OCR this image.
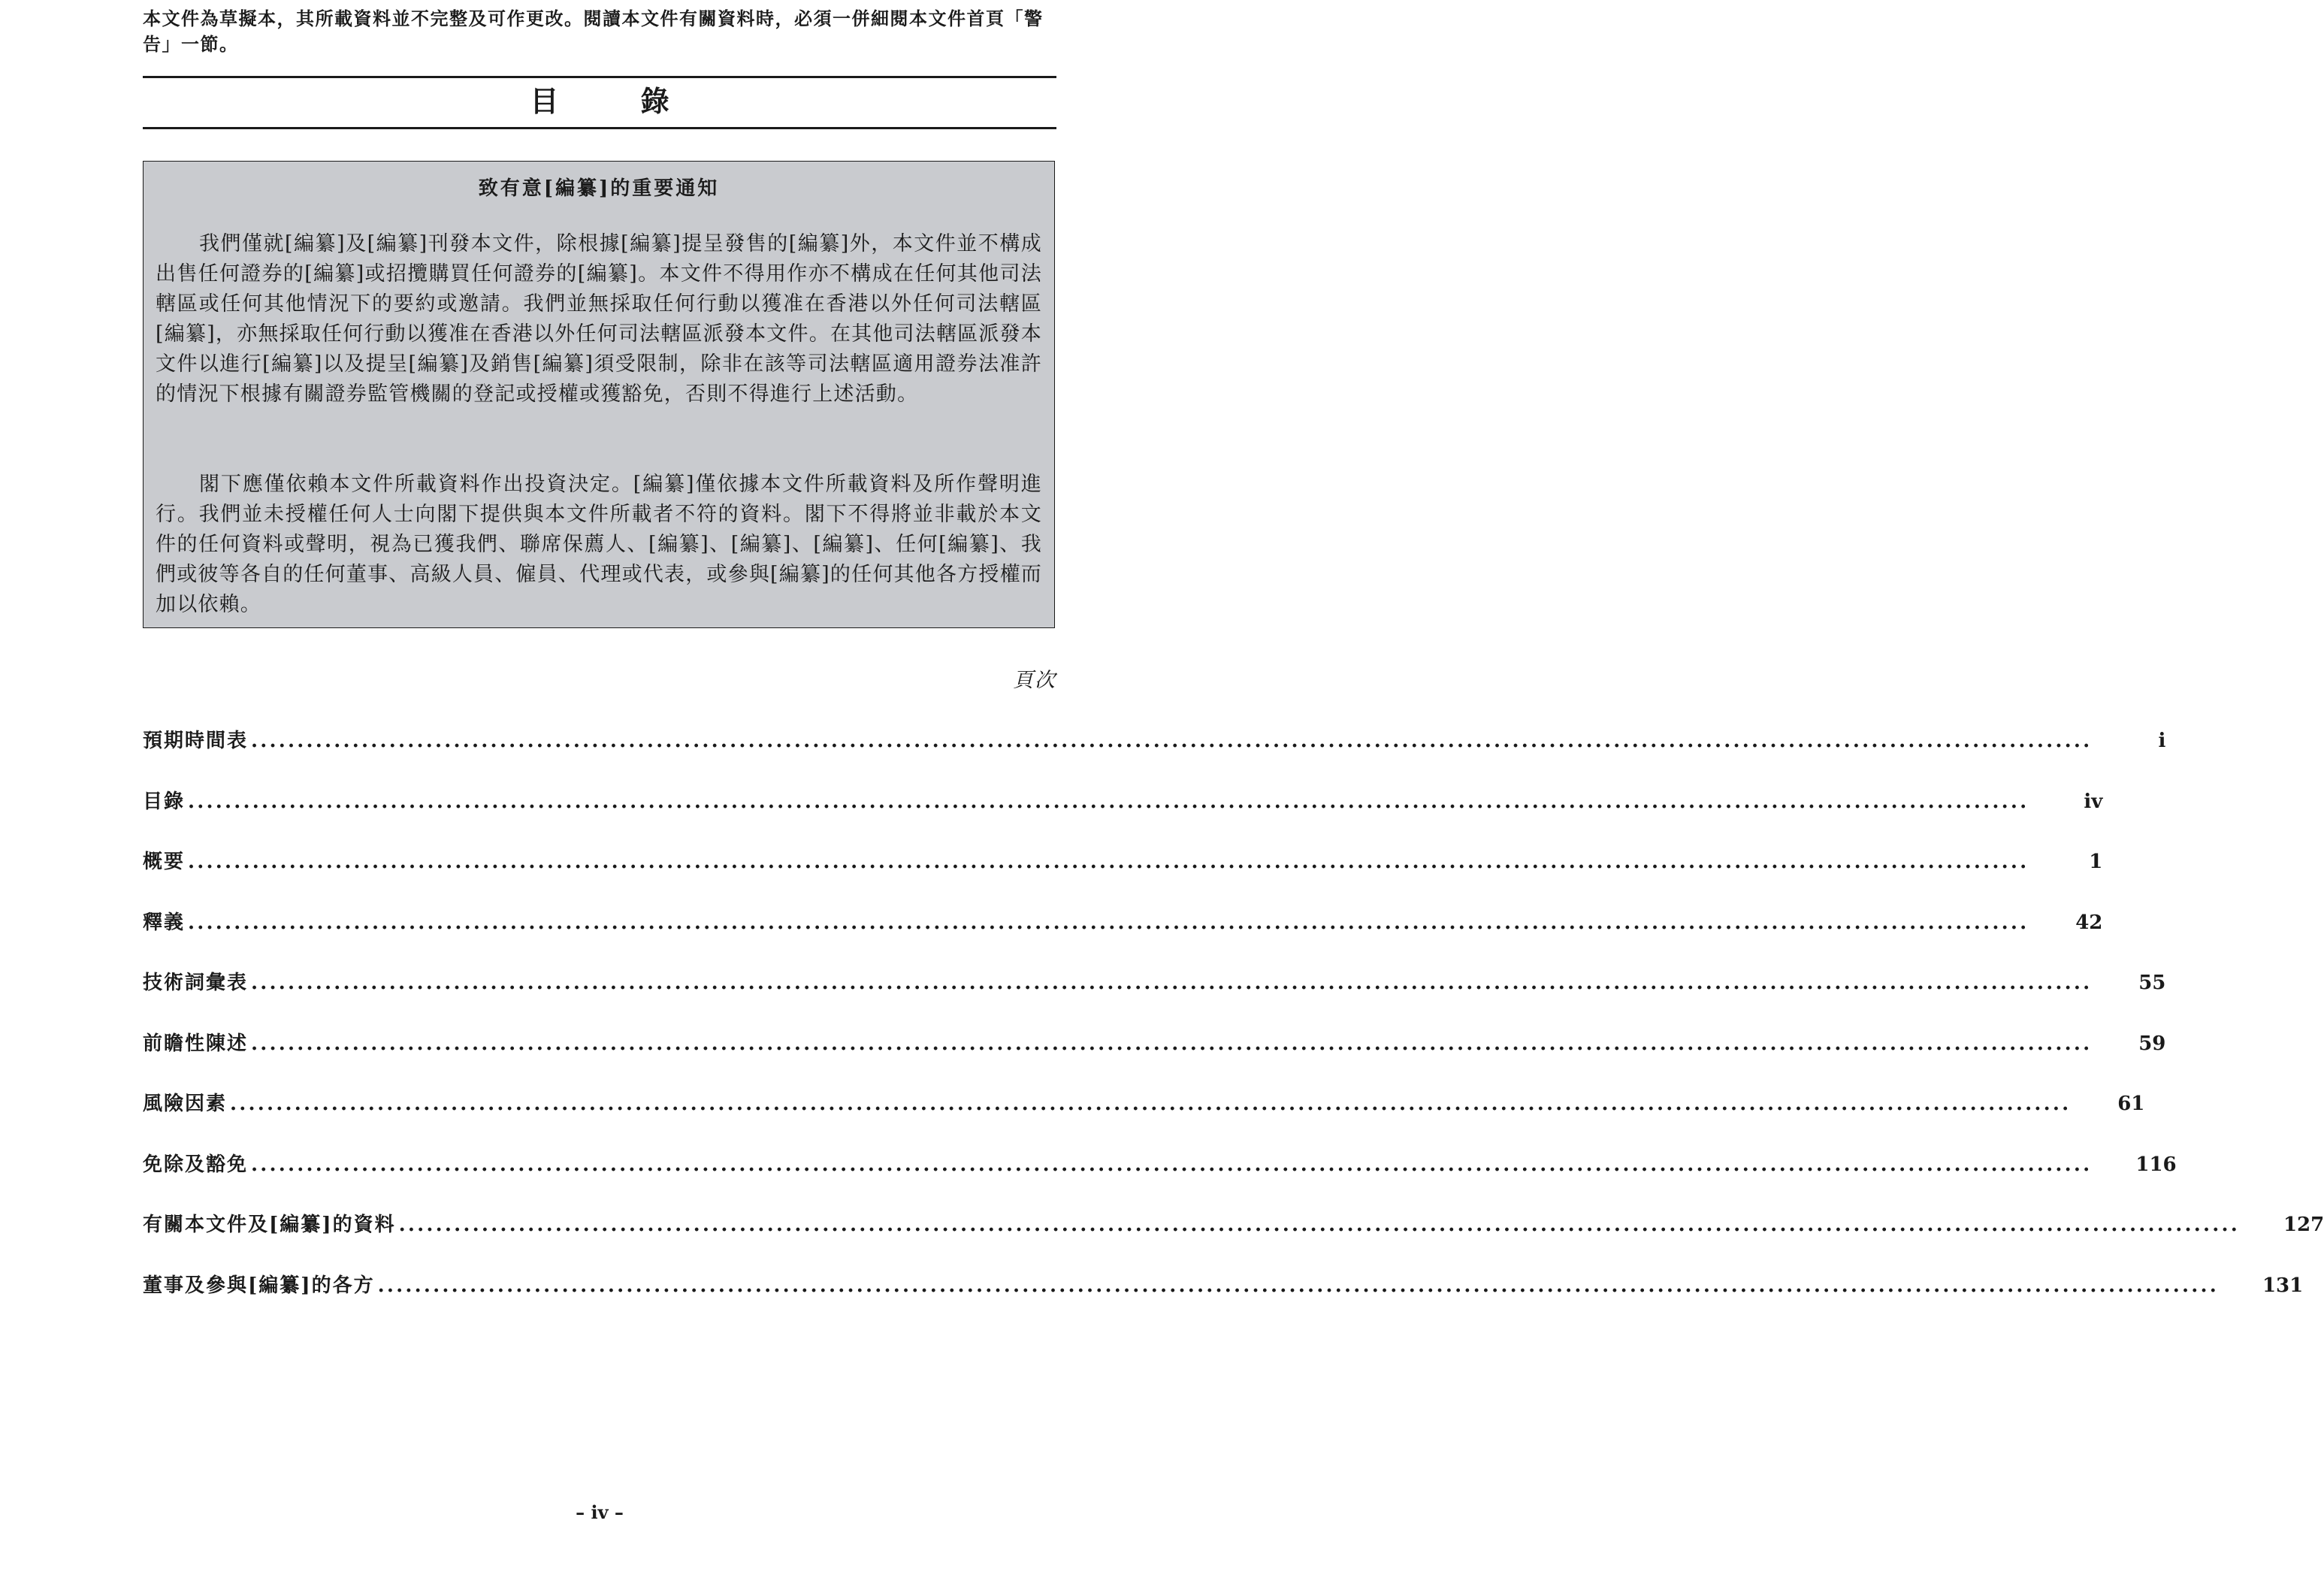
本文件為草擬本，其所載資料並不完整及可作更改。閱讀本文件有關資料時，必須一併細閱本文件首頁「警告」一節。
目 錄
致有意[編纂]的重要通知

我們僅就[編纂]及[編纂]刊發本文件，除根據[編纂]提呈發售的[編纂]外，本文件並不構成出售任何證券的[編纂]或招攬購買任何證券的[編纂]。本文件不得用作亦不構成在任何其他司法轄區或任何其他情況下的要約或邀請。我們並無採取任何行動以獲准在香港以外任何司法轄區[編纂]，亦無採取任何行動以獲准在香港以外任何司法轄區派發本文件。在其他司法轄區派發本文件以進行[編纂]以及提呈[編纂]及銷售[編纂]須受限制，除非在該等司法轄區適用證券法准許的情況下根據有關證券監管機關的登記或授權或獲豁免，否則不得進行上述活動。

閣下應僅依賴本文件所載資料作出投資決定。[編纂]僅依據本文件所載資料及所作聲明進行。我們並未授權任何人士向閣下提供與本文件所載者不符的資料。閣下不得將並非載於本文件的任何資料或聲明，視為已獲我們、聯席保薦人、[編纂]、[編纂]、[編纂]、任何[編纂]、我們或彼等各自的任何董事、高級人員、僱員、代理或代表，或參與[編纂]的任何其他各方授權而加以依賴。

頁次
預期時間表 ........................................................................................................................................................................................................	i
目錄 ........................................................................................................................................................................................................	iv
概要 ........................................................................................................................................................................................................	1
釋義 ........................................................................................................................................................................................................ 42
技術詞彙表 ........................................................................................................................................................................................................ 55
前瞻性陳述 ........................................................................................................................................................................................................ 59
風險因素 ........................................................................................................................................................................................................ 61
免除及豁免 ........................................................................................................................................................................................................ 116
有關本文件及[編纂]的資料 ........................................................................................................................................................................................................ 127
董事及參與[編纂]的各方 ........................................................................................................................................................................................................ 131
– iv –
